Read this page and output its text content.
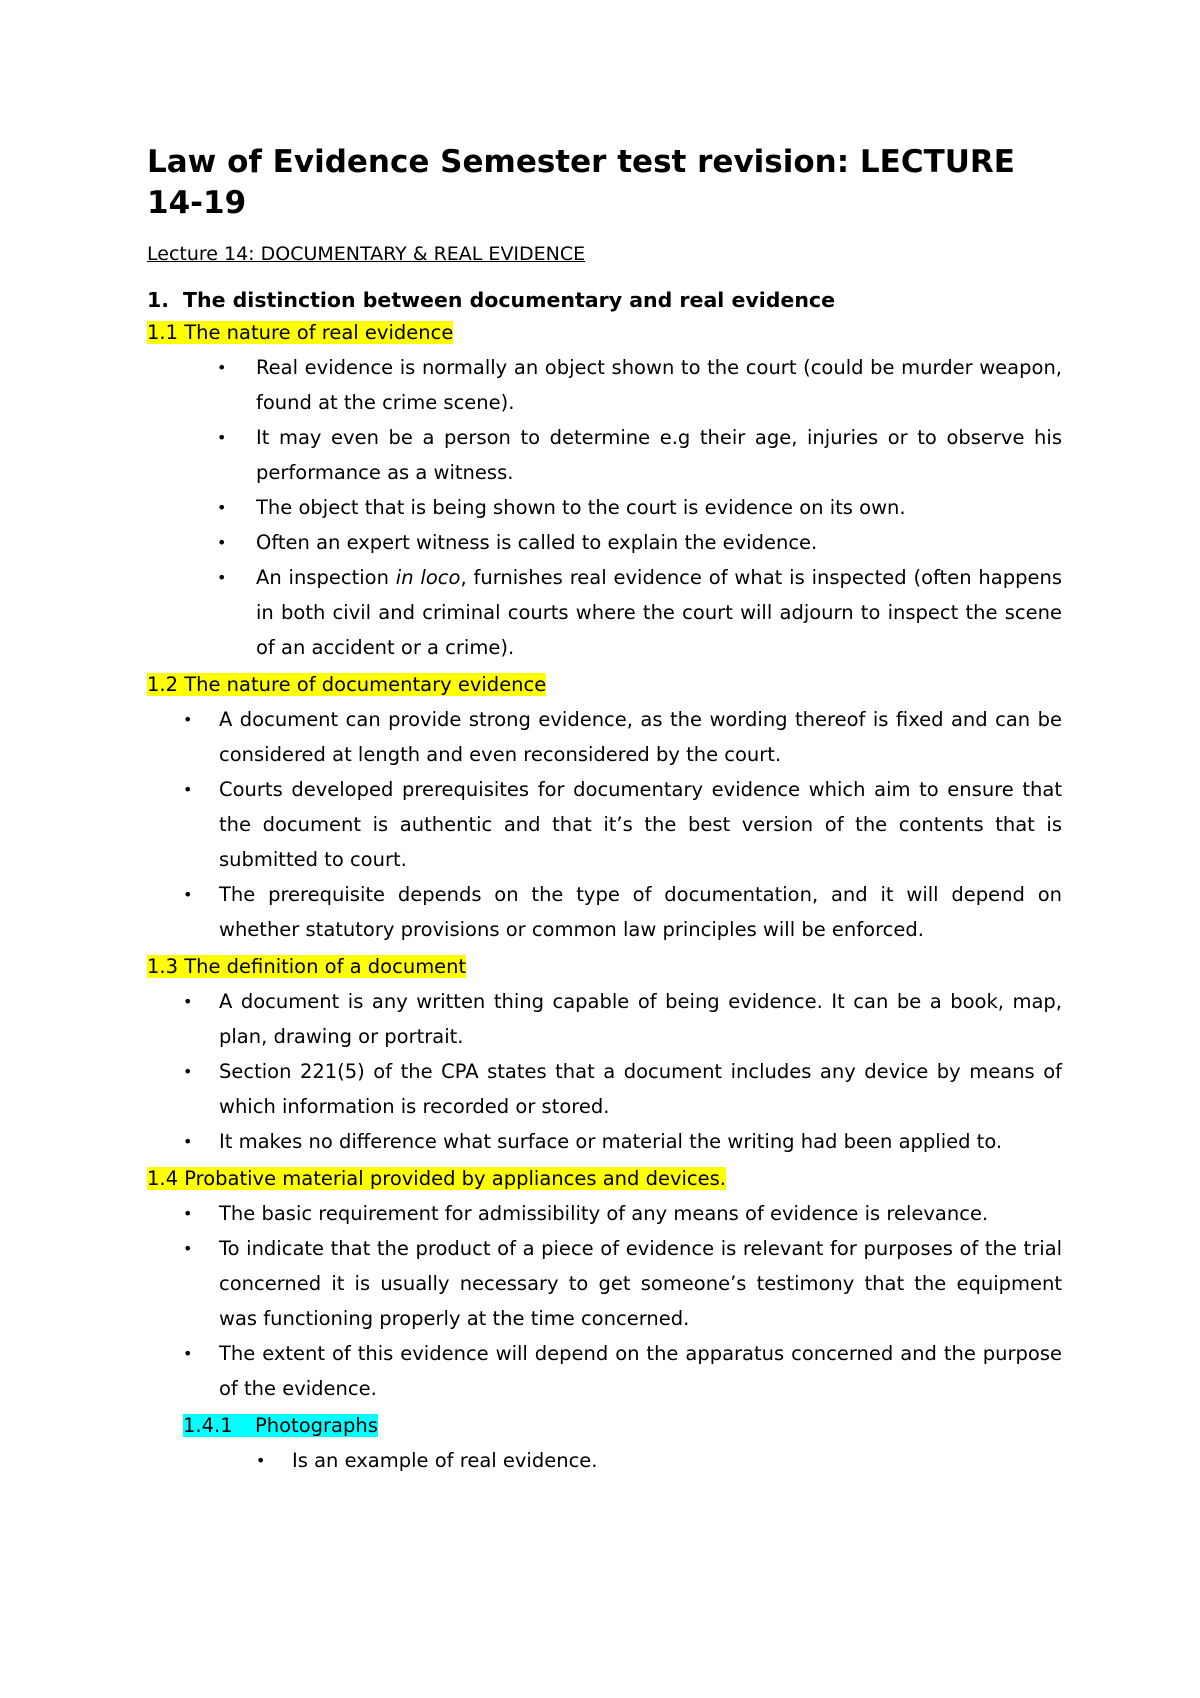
Law of Evidence Semester test revision: LECTURE 14-19
Lecture 14: DOCUMENTARY & REAL EVIDENCE
1. The distinction between documentary and real evidence
1.1 The nature of real evidence
• Real evidence is normally an object shown to the court (could be murder weapon, found at the crime scene).
• It may even be a person to determine e.g their age, injuries or to observe his performance as a witness.
• The object that is being shown to the court is evidence on its own.
• Often an expert witness is called to explain the evidence.
• An inspection in loco, furnishes real evidence of what is inspected (often happens in both civil and criminal courts where the court will adjourn to inspect the scene of an accident or a crime).
1.2 The nature of documentary evidence
• A document can provide strong evidence, as the wording thereof is fixed and can be considered at length and even reconsidered by the court.
• Courts developed prerequisites for documentary evidence which aim to ensure that the document is authentic and that it’s the best version of the contents that is submitted to court.
• The prerequisite depends on the type of documentation, and it will depend on whether statutory provisions or common law principles will be enforced.
1.3 The definition of a document
• A document is any written thing capable of being evidence. It can be a book, map, plan, drawing or portrait.
• Section 221(5) of the CPA states that a document includes any device by means of which information is recorded or stored.
• It makes no difference what surface or material the writing had been applied to.
1.4 Probative material provided by appliances and devices.
• The basic requirement for admissibility of any means of evidence is relevance.
• To indicate that the product of a piece of evidence is relevant for purposes of the trial concerned it is usually necessary to get someone’s testimony that the equipment was functioning properly at the time concerned.
• The extent of this evidence will depend on the apparatus concerned and the purpose of the evidence.
1.4.1 Photographs
• Is an example of real evidence.
